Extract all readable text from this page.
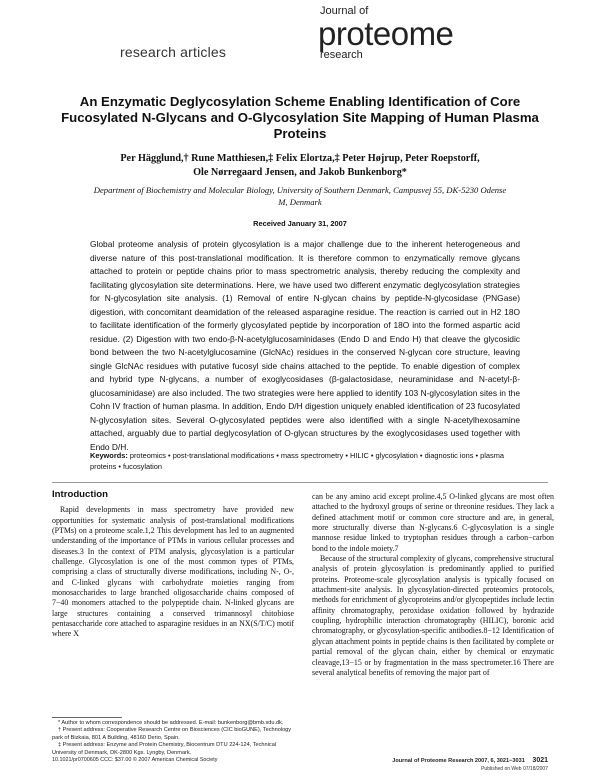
research articles
Journal of
proteome
research
An Enzymatic Deglycosylation Scheme Enabling Identification of Core Fucosylated N-Glycans and O-Glycosylation Site Mapping of Human Plasma Proteins
Per Hägglund,† Rune Matthiesen,‡ Felix Elortza,‡ Peter Højrup, Peter Roepstorff,
Ole Nørregaard Jensen, and Jakob Bunkenborg*
Department of Biochemistry and Molecular Biology, University of Southern Denmark, Campusvej 55, DK-5230 Odense M, Denmark
Received January 31, 2007
Global proteome analysis of protein glycosylation is a major challenge due to the inherent heterogeneous and diverse nature of this post-translational modification. It is therefore common to enzymatically remove glycans attached to protein or peptide chains prior to mass spectrometric analysis, thereby reducing the complexity and facilitating glycosylation site determinations. Here, we have used two different enzymatic deglycosylation strategies for N-glycosylation site analysis. (1) Removal of entire N-glycan chains by peptide-N-glycosidase (PNGase) digestion, with concomitant deamidation of the released asparagine residue. The reaction is carried out in H2 18O to facilitate identification of the formerly glycosylated peptide by incorporation of 18O into the formed aspartic acid residue. (2) Digestion with two endo-β-N-acetylglucosaminidases (Endo D and Endo H) that cleave the glycosidic bond between the two N-acetylglucosamine (GlcNAc) residues in the conserved N-glycan core structure, leaving single GlcNAc residues with putative fucosyl side chains attached to the peptide. To enable digestion of complex and hybrid type N-glycans, a number of exoglycosidases (β-galactosidase, neuraminidase and N-acetyl-β-glucosaminidase) are also included. The two strategies were here applied to identify 103 N-glycosylation sites in the Cohn IV fraction of human plasma. In addition, Endo D/H digestion uniquely enabled identification of 23 fucosylated N-glycosylation sites. Several O-glycosylated peptides were also identified with a single N-acetylhexosamine attached, arguably due to partial deglycosylation of O-glycan structures by the exoglycosidases used together with Endo D/H.
Keywords: proteomics • post-translational modifications • mass spectrometry • HILIC • glycosylation • diagnostic ions • plasma proteins • fucosylation
Introduction

Rapid developments in mass spectrometry have provided new opportunities for systematic analysis of post-translational modifications (PTMs) on a proteome scale.1,2 This development has led to an augmented understanding of the importance of PTMs in various cellular processes and diseases.3 In the context of PTM analysis, glycosylation is a particular challenge. Glycosylation is one of the most common types of PTMs, comprising a class of structurally diverse modifications, including N-, O-, and C-linked glycans with carbohydrate moieties ranging from monosaccharides to large branched oligosaccharide chains composed of 7−40 monomers attached to the polypeptide chain. N-linked glycans are large structures containing a conserved trimannosyl chitobiose pentasaccharide core attached to asparagine residues in an NX(S/T/C) motif where X

can be any amino acid except proline.4,5 O-linked glycans are most often attached to the hydroxyl groups of serine or threonine residues. They lack a defined attachment motif or common core structure and are, in general, more structurally diverse than N-glycans.6 C-glycosylation is a single mannose residue linked to tryptophan residues through a carbon−carbon bond to the indole moiety.7

Because of the structural complexity of glycans, comprehensive structural analysis of protein glycosylation is predominantly applied to purified proteins. Proteome-scale glycosylation analysis is typically focused on attachment-site analysis. In glycosylation-directed proteomics protocols, methods for enrichment of glycoproteins and/or glycopeptides include lectin affinity chromatography, peroxidase oxidation followed by hydrazide coupling, hydrophilic interaction chromatography (HILIC), boronic acid chromatography, or glycosylation-specific antibodies.8−12 Identification of glycan attachment points in peptide chains is then facilitated by complete or partial removal of the glycan chain, either by chemical or enzymatic cleavage,13−15 or by fragmentation in the mass spectrometer.16 There are several analytical benefits of removing the major part of

* Author to whom correspondence should be addressed. E-mail: bunkenborg@bmb.sdu.dk.

† Present address: Cooperative Research Centre on Biosciences (CIC bioGUNE), Technology park of Bizkaia, 801 A Building, 48160 Derio, Spain.

‡ Present address: Enzyme and Protein Chemistry, Biocentrum DTU 224-124, Technical University of Denmark, DK-2800 Kgs. Lyngby, Denmark.

10.1021/pr0700605 CCC: $37.00 © 2007 American Chemical Society	Journal of Proteome Research 2007, 6, 3021−3031 3021
Published on Web 07/18/2007
